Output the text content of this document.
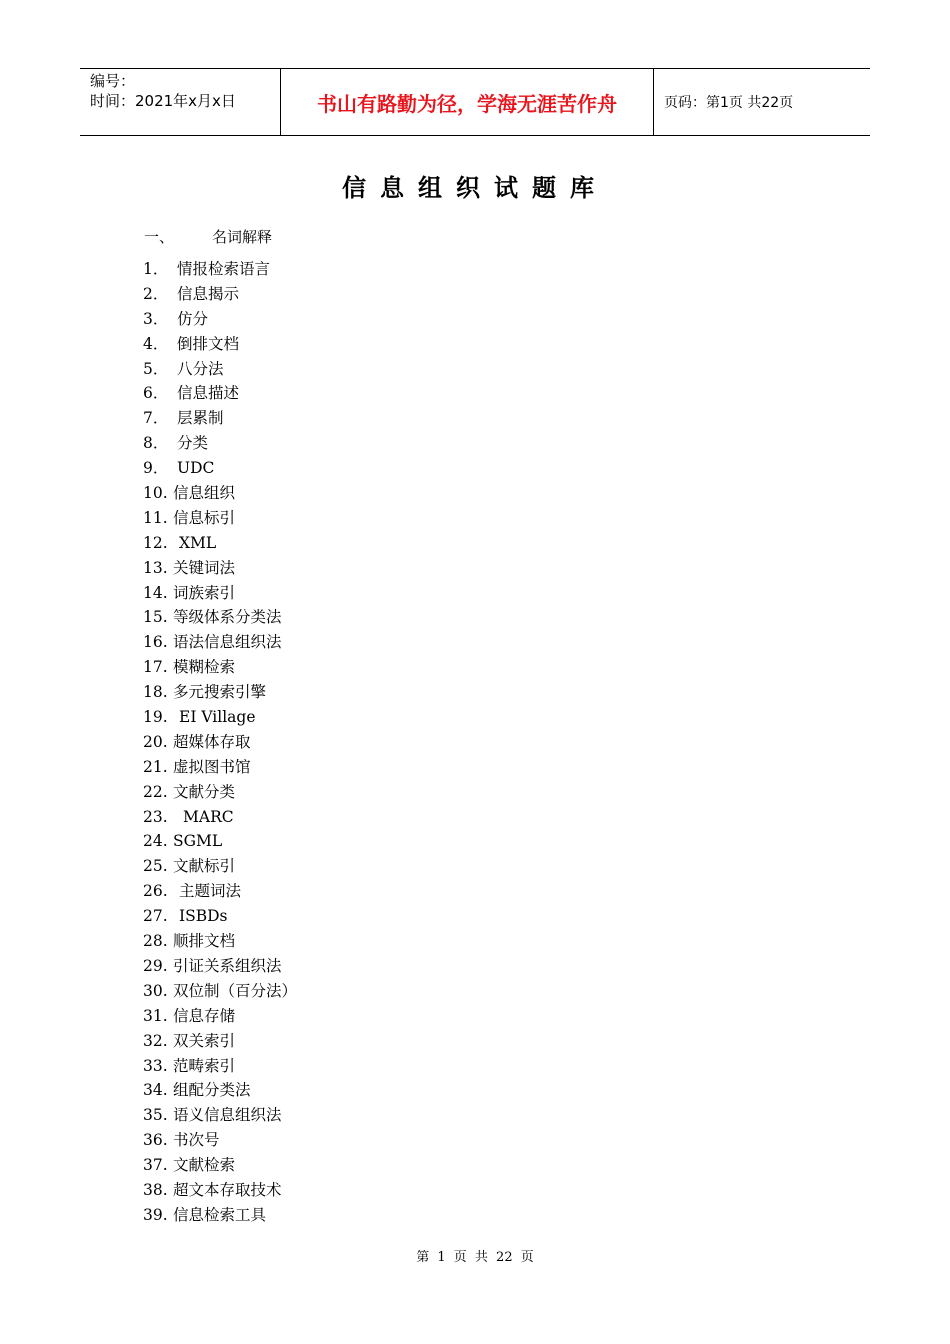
编号：
时间：2021年x月x日	书山有路勤为径，学海无涯苦作舟	页码：第1页 共22页
信息组织试题库
一、	名词解释
1． 情报检索语言
2． 信息揭示
3． 仿分
4． 倒排文档
5． 八分法
6． 信息描述
7． 层累制
8． 分类
9． UDC
10. 信息组织
11. 信息标引
12. XML
13. 关键词法
14. 词族索引
15. 等级体系分类法
16. 语法信息组织法
17. 模糊检索
18. 多元搜索引擎
19. EI Village
20. 超媒体存取
21. 虚拟图书馆
22. 文献分类
23. MARC
24. SGML
25. 文献标引
26. 主题词法
27. ISBDs
28. 顺排文档
29. 引证关系组织法
30. 双位制（百分法）
31. 信息存储
32. 双关索引
33. 范畴索引
34. 组配分类法
35. 语义信息组织法
36. 书次号
37. 文献检索
38. 超文本存取技术
39. 信息检索工具
第 1 页 共 22 页
